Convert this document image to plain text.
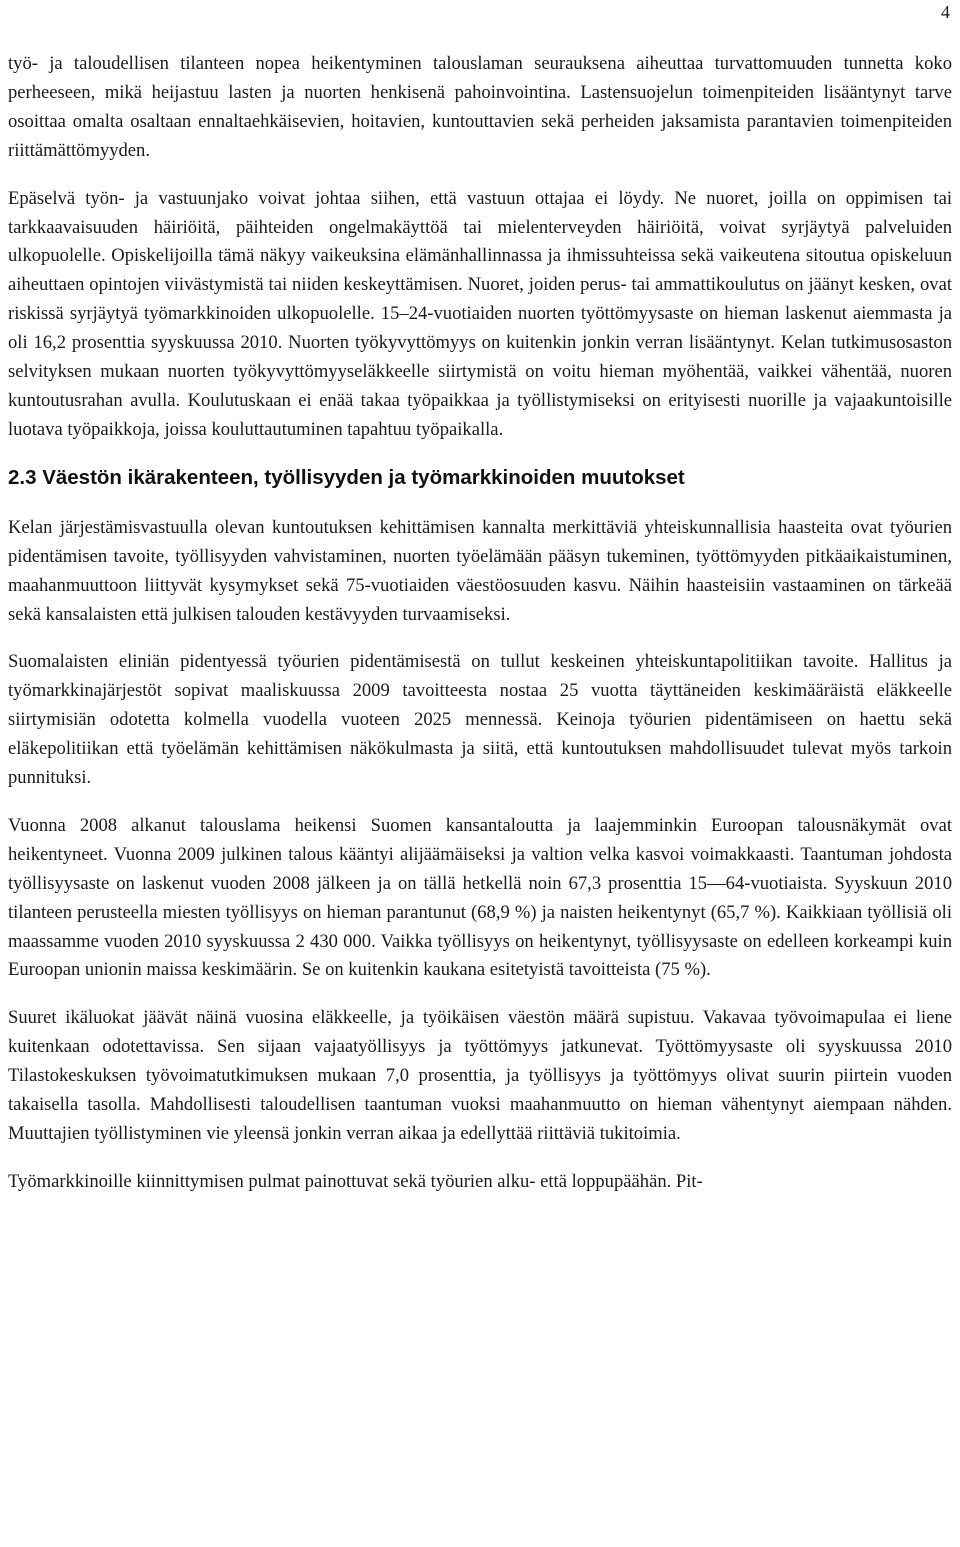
4

työ- ja taloudellisen tilanteen nopea heikentyminen talouslaman seurauksena aiheuttaa turvattomuuden tunnetta koko perheeseen, mikä heijastuu lasten ja nuorten henkisenä pahoinvointina. Lastensuojelun toimenpiteiden lisääntynyt tarve osoittaa omalta osaltaan ennaltaehkäisevien, hoitavien, kuntouttavien sekä perheiden jaksamista parantavien toimenpiteiden riittämättömyyden.

Epäselvä työn- ja vastuunjako voivat johtaa siihen, että vastuun ottajaa ei löydy. Ne nuoret, joilla on oppimisen tai tarkkaavaisuuden häiriöitä, päihteiden ongelmakäyttöä tai mielenterveyden häiriöitä, voivat syrjäytyä palveluiden ulkopuolelle. Opiskelijoilla tämä näkyy vaikeuksina elämänhallinnassa ja ihmissuhteissa sekä vaikeutena sitoutua opiskeluun aiheuttaen opintojen viivästymistä tai niiden keskeyttämisen. Nuoret, joiden perus- tai ammattikoulutus on jäänyt kesken, ovat riskissä syrjäytyä työmarkkinoiden ulkopuolelle. 15–24-vuotiaiden nuorten työttömyysaste on hieman laskenut aiemmasta ja oli 16,2 prosenttia syyskuussa 2010. Nuorten työkyvyttömyys on kuitenkin jonkin verran lisääntynyt. Kelan tutkimusosaston selvityksen mukaan nuorten työkyvyttömyyseläkkeelle siirtymistä on voitu hieman myöhentää, vaikkei vähentää, nuoren kuntoutusrahan avulla. Koulutuskaan ei enää takaa työpaikkaa ja työllistymiseksi on erityisesti nuorille ja vajaakuntoisille luotava työpaikkoja, joissa kouluttautuminen tapahtuu työpaikalla.

2.3 Väestön ikärakenteen, työllisyyden ja työmarkkinoiden muutokset

Kelan järjestämisvastuulla olevan kuntoutuksen kehittämisen kannalta merkittäviä yhteiskunnallisia haasteita ovat työurien pidentämisen tavoite, työllisyyden vahvistaminen, nuorten työelämään pääsyn tukeminen, työttömyyden pitkäaikaistuminen, maahanmuuttoon liittyvät kysymykset sekä 75-vuotiaiden väestöosuuden kasvu. Näihin haasteisiin vastaaminen on tärkeää sekä kansalaisten että julkisen talouden kestävyyden turvaamiseksi.

Suomalaisten eliniän pidentyessä työurien pidentämisestä on tullut keskeinen yhteiskuntapolitiikan tavoite. Hallitus ja työmarkkinajärjestöt sopivat maaliskuussa 2009 tavoitteesta nostaa 25 vuotta täyttäneiden keskimääräistä eläkkeelle siirtymisiän odotetta kolmella vuodella vuoteen 2025 mennessä. Keinoja työurien pidentämiseen on haettu sekä eläkepolitiikan että työelämän kehittämisen näkökulmasta ja siitä, että kuntoutuksen mahdollisuudet tulevat myös tarkoin punnituksi.

Vuonna 2008 alkanut talouslama heikensi Suomen kansantaloutta ja laajemminkin Euroopan talousnäkymät ovat heikentyneet. Vuonna 2009 julkinen talous kääntyi alijäämäiseksi ja valtion velka kasvoi voimakkaasti. Taantuman johdosta työllisyysaste on laskenut vuoden 2008 jälkeen ja on tällä hetkellä noin 67,3 prosenttia 15—64-vuotiaista. Syyskuun 2010 tilanteen perusteella miesten työllisyys on hieman parantunut (68,9 %) ja naisten heikentynyt (65,7 %). Kaikkiaan työllisiä oli maassamme vuoden 2010 syyskuussa 2 430 000. Vaikka työllisyys on heikentynyt, työllisyysaste on edelleen korkeampi kuin Euroopan unionin maissa keskimäärin. Se on kuitenkin kaukana esitetyistä tavoitteista (75 %).

Suuret ikäluokat jäävät näinä vuosina eläkkeelle, ja työikäisen väestön määrä supistuu. Vakavaa työvoimapulaa ei liene kuitenkaan odotettavissa. Sen sijaan vajaatyöllisyys ja työttömyys jatkunevat. Työttömyysaste oli syyskuussa 2010 Tilastokeskuksen työvoimatutkimuksen mukaan 7,0 prosenttia, ja työllisyys ja työttömyys olivat suurin piirtein vuoden takaisella tasolla. Mahdollisesti taloudellisen taantuman vuoksi maahanmuutto on hieman vähentynyt aiempaan nähden. Muuttajien työllistyminen vie yleensä jonkin verran aikaa ja edellyttää riittäviä tukitoimia.

Työmarkkinoille kiinnittymisen pulmat painottuvat sekä työurien alku- että loppupäähän. Pit-
